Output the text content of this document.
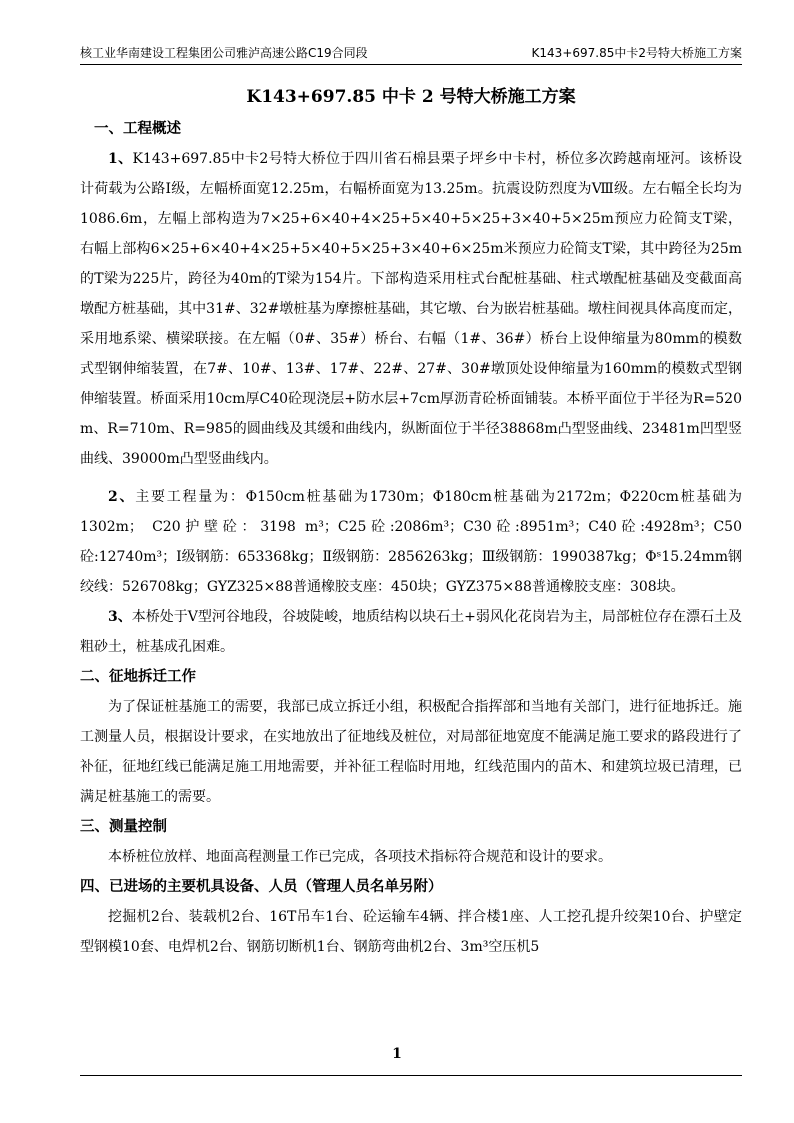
核工业华南建设工程集团公司雅泸高速公路C19合同段	K143+697.85中卡2号特大桥施工方案
K143+697.85 中卡 2 号特大桥施工方案
一、工程概述

1、K143+697.85中卡2号特大桥位于四川省石棉县栗子坪乡中卡村，桥位多次跨越南垭河。该桥设计荷载为公路Ⅰ级，左幅桥面宽12.25m，右幅桥面宽为13.25m。抗震设防烈度为Ⅷ级。左右幅全长均为1086.6m，左幅上部构造为7×25+6×40+4×25+5×40+5×25+3×40+5×25m预应力砼简支T梁，右幅上部构6×25+6×40+4×25+5×40+5×25+3×40+6×25m米预应力砼简支T梁，其中跨径为25m的T梁为225片，跨径为40m的T梁为154片。下部构造采用柱式台配桩基础、柱式墩配桩基础及变截面高墩配方桩基础，其中31#、32#墩桩基为摩擦桩基础，其它墩、台为嵌岩桩基础。墩柱间视具体高度而定，采用地系梁、横梁联接。在左幅（0#、35#）桥台、右幅（1#、36#）桥台上设伸缩量为80mm的模数式型钢伸缩装置，在7#、10#、13#、17#、22#、27#、30#墩顶处设伸缩量为160mm的模数式型钢伸缩装置。桥面采用10cm厚C40砼现浇层+防水层+7cm厚沥青砼桥面铺装。本桥平面位于半径为R=520 m、R=710m、R=985的圆曲线及其缓和曲线内，纵断面位于半径38868m凸型竖曲线、23481m凹型竖曲线、39000m凸型竖曲线内。

2、主要工程量为：Φ150cm桩基础为1730m；Φ180cm桩基础为2172m；Φ220cm桩基础为1302m； C20护壁砼：3198 m³；C25砼:2086m³；C30砼:8951m³；C40砼:4928m³；C50砼:12740m³；Ⅰ级钢筋：653368kg；Ⅱ级钢筋：2856263kg；Ⅲ级钢筋：1990387kg；Φˢ15.24mm钢绞线：526708kg；GYZ325×88普通橡胶支座：450块；GYZ375×88普通橡胶支座：308块。

3、本桥处于V型河谷地段，谷坡陡峻，地质结构以块石土+弱风化花岗岩为主，局部桩位存在漂石土及粗砂土，桩基成孔困难。

二、征地拆迁工作

为了保证桩基施工的需要，我部已成立拆迁小组，积极配合指挥部和当地有关部门，进行征地拆迁。施工测量人员，根据设计要求，在实地放出了征地线及桩位，对局部征地宽度不能满足施工要求的路段进行了补征，征地红线已能满足施工用地需要，并补征工程临时用地，红线范围内的苗木、和建筑垃圾已清理，已满足桩基施工的需要。

三、测量控制

本桥桩位放样、地面高程测量工作已完成，各项技术指标符合规范和设计的要求。

四、已进场的主要机具设备、人员（管理人员名单另附）

挖掘机2台、装载机2台、16T吊车1台、砼运输车4辆、拌合楼1座、人工挖孔提升绞架10台、护壁定型钢模10套、电焊机2台、钢筋切断机1台、钢筋弯曲机2台、3m³空压机5

1
